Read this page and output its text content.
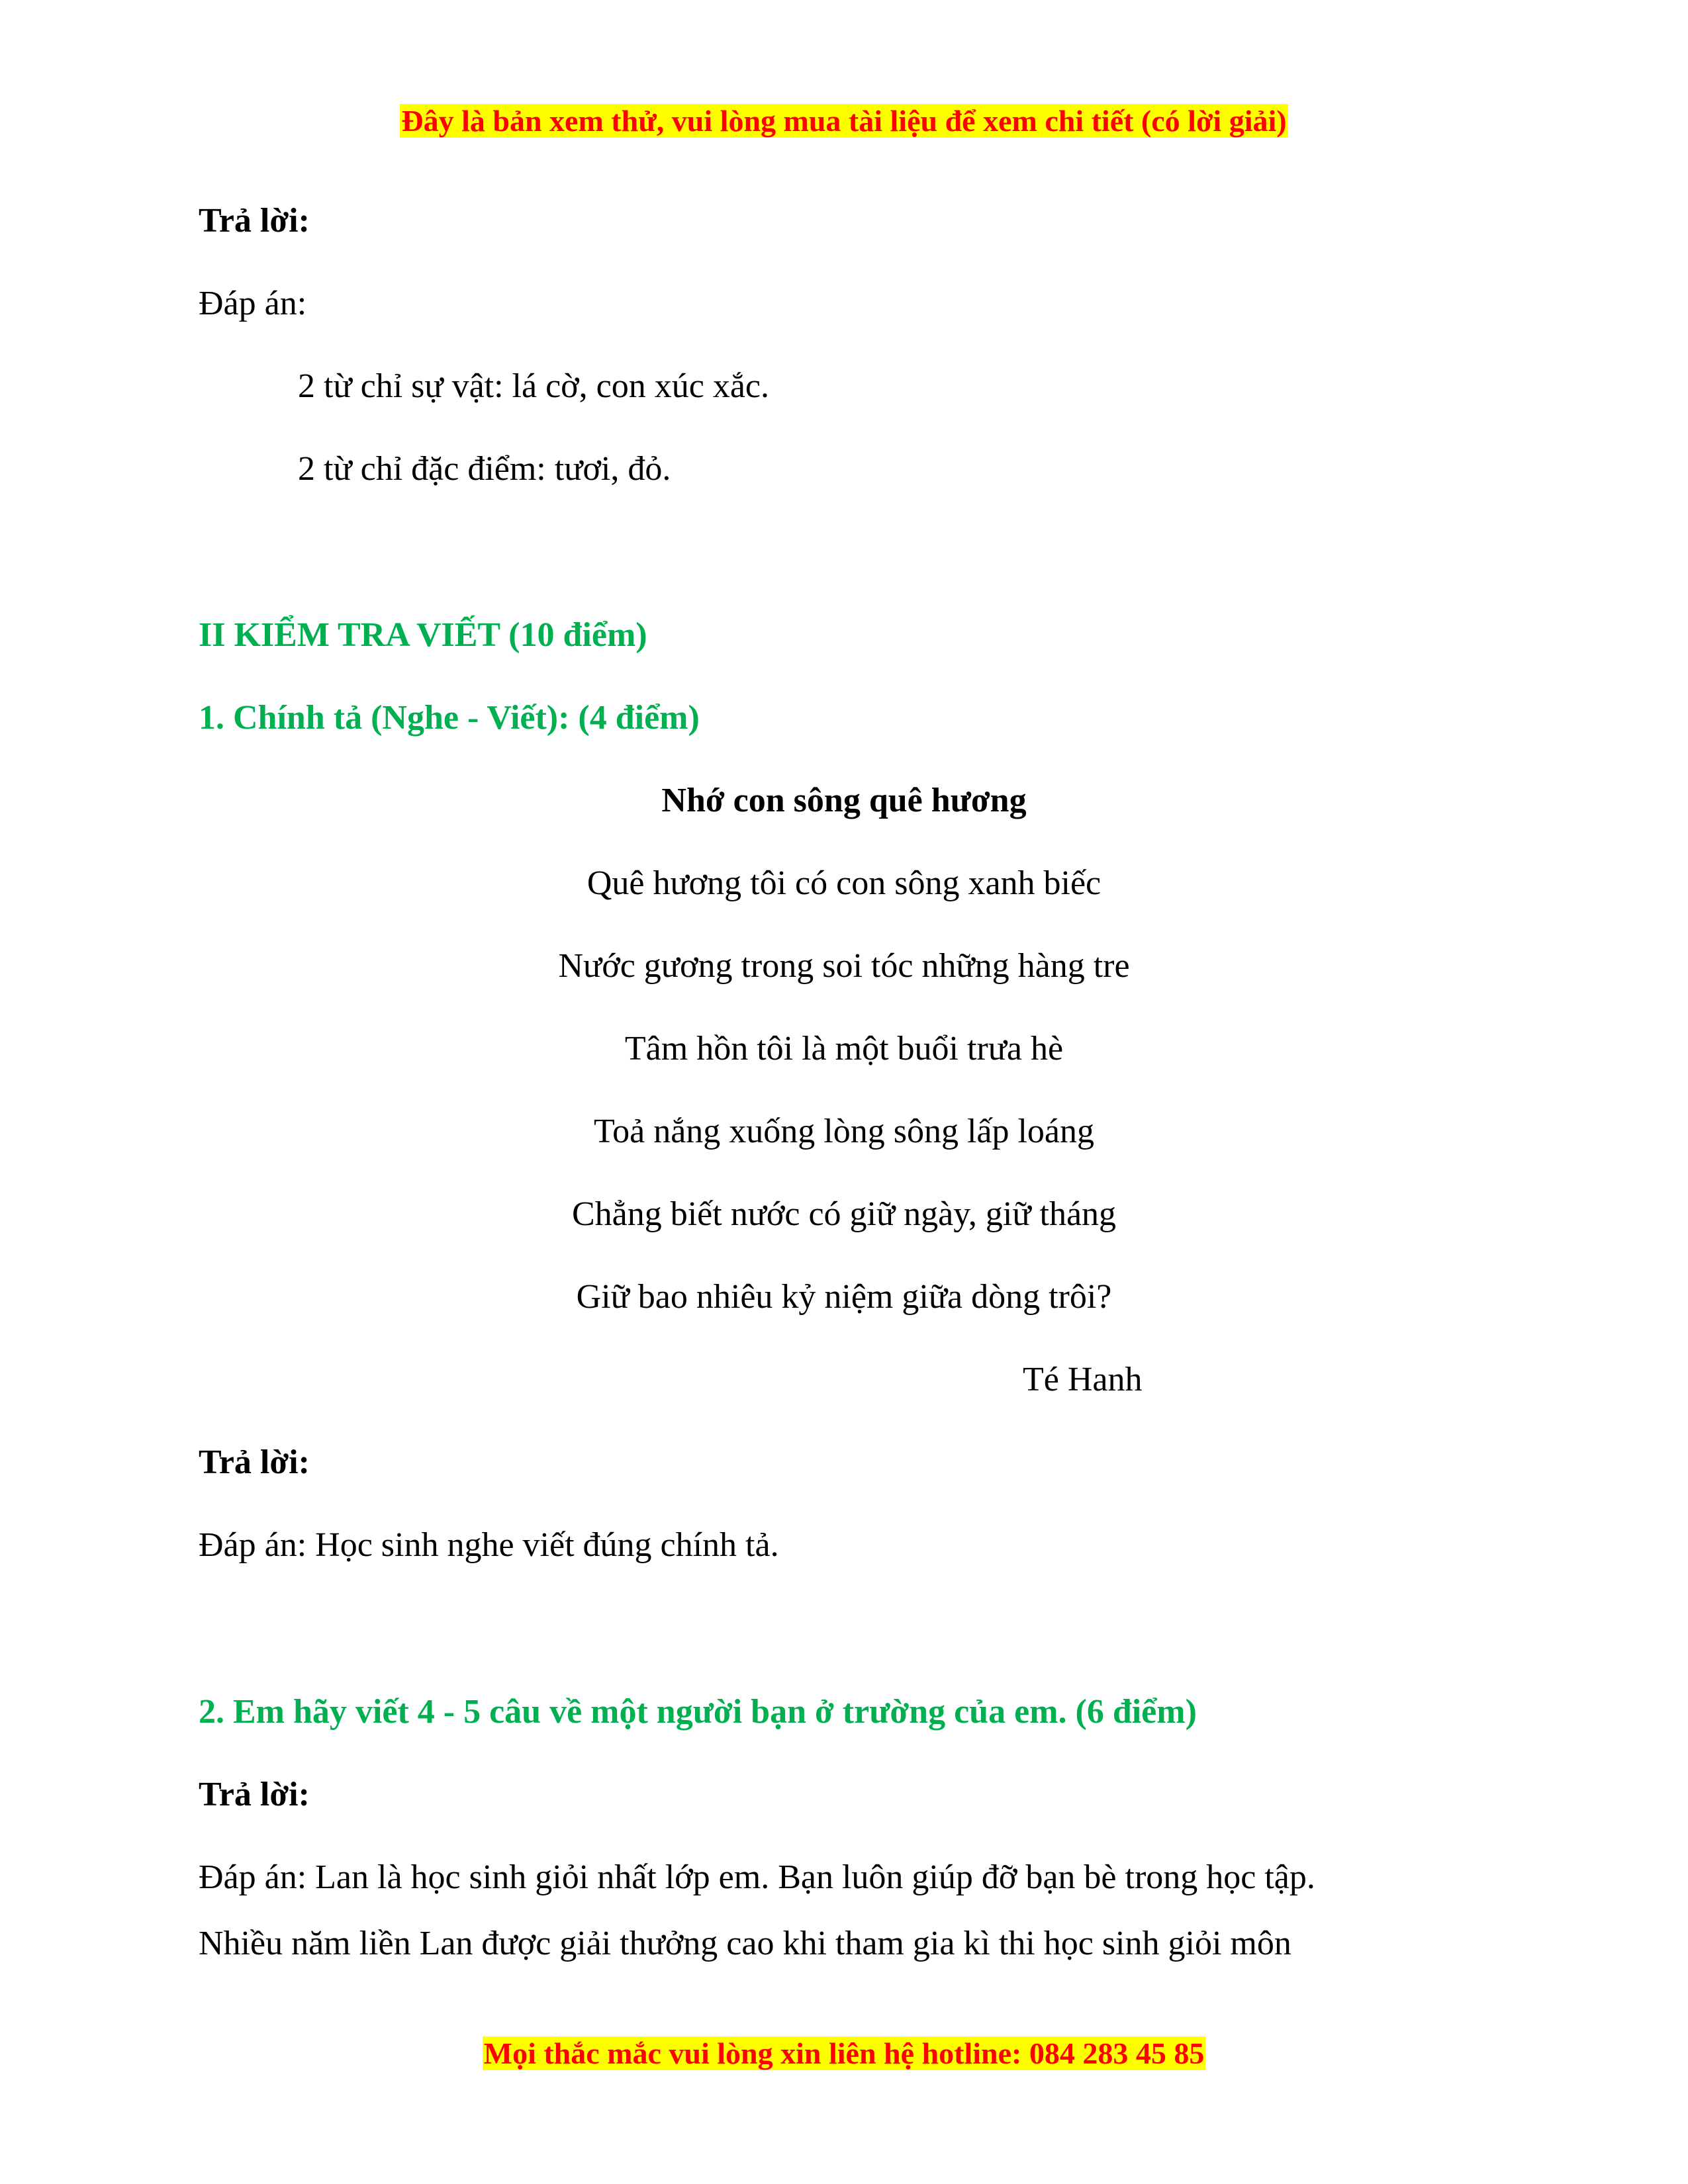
Đây là bản xem thử, vui lòng mua tài liệu để xem chi tiết (có lời giải)
Trả lời:
Đáp án:
2 từ chỉ sự vật: lá cờ, con xúc xắc.
2 từ chỉ đặc điểm: tươi, đỏ.
II KIỂM TRA VIẾT (10 điểm)
1. Chính tả (Nghe - Viết): (4 điểm)
Nhớ con sông quê hương
Quê hương tôi có con sông xanh biếc
Nước gương trong soi tóc những hàng tre
Tâm hồn tôi là một buổi trưa hè
Toả nắng xuống lòng sông lấp loáng
Chẳng biết nước có giữ ngày, giữ tháng
Giữ bao nhiêu kỷ niệm giữa dòng trôi?
Té Hanh
Trả lời:
Đáp án: Học sinh nghe viết đúng chính tả.
2. Em hãy viết 4 - 5 câu về một người bạn ở trường của em. (6 điểm)
Trả lời:
Đáp án: Lan là học sinh giỏi nhất lớp em. Bạn luôn giúp đỡ bạn bè trong học tập.
Nhiều năm liền Lan được giải thưởng cao khi tham gia kì thi học sinh giỏi môn
Mọi thắc mắc vui lòng xin liên hệ hotline: 084 283 45 85
